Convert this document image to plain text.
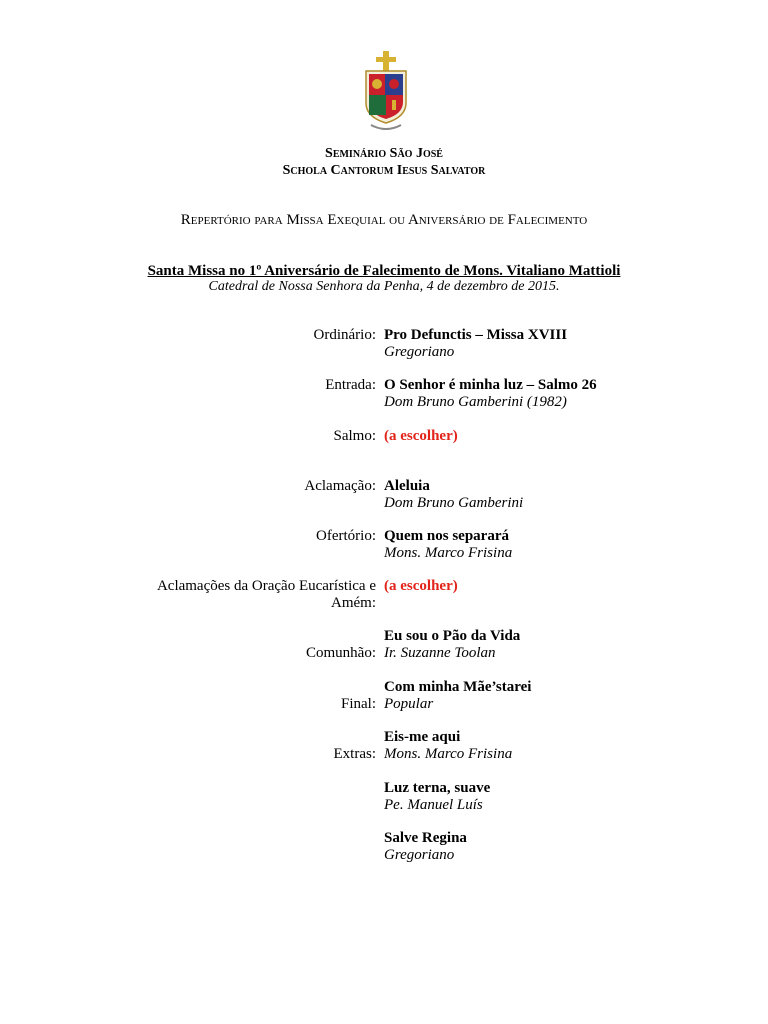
Seminário São José
Schola Cantorum Iesus Salvator
Repertório para Missa Exequial ou Aniversário de Falecimento
Santa Missa no 1º Aniversário de Falecimento de Mons. Vitaliano Mattioli
Catedral de Nossa Senhora da Penha, 4 de dezembro de 2015.
Ordinário: Pro Defunctis – Missa XVIII
Gregoriano
Entrada: O Senhor é minha luz – Salmo 26
Dom Bruno Gamberini (1982)
Salmo: (a escolher)
Aclamação: Aleluia
Dom Bruno Gamberini
Ofertório: Quem nos separará
Mons. Marco Frisina
Aclamações da Oração Eucarística e Amém:
(a escolher)
Comunhão:
Eu sou o Pão da Vida
Ir. Suzanne Toolan
Final:
Com minha Mãe’starei
Popular
Extras:
Eis-me aqui
Mons. Marco Frisina
Luz terna, suave
Pe. Manuel Luís
Salve Regina
Gregoriano
